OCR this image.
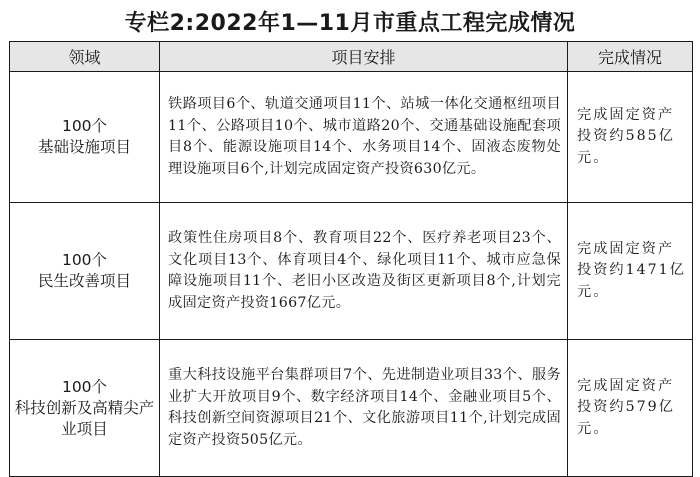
专栏2:2022年1—11月市重点工程完成情况
领域	项目安排	完成情况

100个
基础设施项目	铁路项目6个、轨道交通项目11个、站城一体化交通枢纽项目11个、公路项目10个、城市道路20个、交通基础设施配套项目8个、能源设施项目14个、水务项目14个、固液态废物处理设施项目6个,计划完成固定资产投资630亿元。	完成固定资产投资约585亿元。

100个
民生改善项目	政策性住房项目8个、教育项目22个、医疗养老项目23个、文化项目13个、体育项目4个、绿化项目11个、城市应急保障设施项目11个、老旧小区改造及街区更新项目8个,计划完成固定资产投资1667亿元。	完成固定资产投资约1471亿元。

100个
科技创新及高精尖产业项目	重大科技设施平台集群项目7个、先进制造业项目33个、服务业扩大开放项目9个、数字经济项目14个、金融业项目5个、科技创新空间资源项目21个、文化旅游项目11个,计划完成固定资产投资505亿元。	完成固定资产投资约579亿元。
